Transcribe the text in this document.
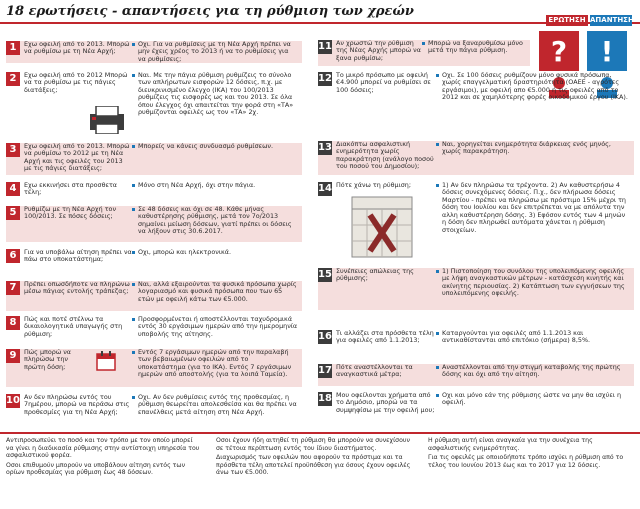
18 ερωτήσεις - απαντήσεις για τη ρύθμιση των χρεών
ΕΡΩΤΗΣΗ ΑΠΑΝΤΗΣΗ
? !
1	Εχω οφειλή από το 2013. Μπορώ να ρυθμίσω με τη Νέα Αρχή;
Οχι. Για να ρυθμίσεις με τη Νέα Αρχή πρέπει να μην έχεις χρέος το 2013 ή να το ρυθμίσεις για να ρυθμίσεις;
2	Εχω οφειλή από το 2012 Μπορώ να τα ρυθμίσω με τις πάγιες διατάξεις;
Ναι. Με την πάγια ρύθμιση ρυθμίζεις το σύνολο των απλήρωτων εισφορών 12 δόσεις, π.χ. με διευκρινισμένο έλεγχο (ΙΚΑ) του 100/2013 ρυθμίζεις τις εισφορές ως και του 2013. Σε όλα όπου έλεγχος όχι απαιτείται την φορά στη «ΤΑ» ρυθμίζονται οφειλές ως τον «ΤΑ» 2χ.
3	Εχω οφειλή από το 2013. Μπορώ να ρυθμίσω το 2012 με τη Νέα Αρχή και τις οφειλές του 2013 με τις πάγιες διατάξεις;
Μπορείς να κάνεις συνδυασμό ρυθμίσεων.
4	Εχω εκκινήσει στα προσθετα τέλη;
Μόνο στη Νέα Αρχή, όχι στην πάγια.
5	Ρυθμίζω με τη Νέα Αρχή τον 100/2013. Σε πόσες δόσεις;
Σε 48 δόσεις και όχι σε 48. Κάθε μήνας καθυστέρησης ρύθμισης, μετά τον 7ο/2013 σημαίνει μείωση δόσεων, γιατί πρέπει οι δόσεις να λήξουν στις 30.6.2017.
6	Για να υποβάλω αίτηση πρέπει να πάω στο υποκατάστημα;
Οχι, μπορώ και ηλεκτρονικά.
7	Πρέπει οπωσδήποτε να πληρώνω μέσω πάγιας εντολής τράπεζας;
Ναι, αλλά εξαιρούνται τα φυσικά πρόσωπα χωρίς λογαριασμό και φυσικά πρόσωπα που των 65 ετών με οφειλή κάτω των €5.000.
8	Πώς και ποτέ στέλνω τα δικαιολογητικά υπαγωγής στη ρύθμιση;
Προσφορμένεται ή αποστέλλονται ταχυδρομικά εντός 30 εργάσιμων ημερών από την ημερομηνία υποβολής της αίτησης.
9	Πώς μπορώ να πληρώσω την πρώτη δόση;
Εντός 7 εργάσιμων ημερών από την παραλαβή των βεβαιωμένων οφειλών από το υποκατάστημα (για το ΙΚΑ). Εντός 7 εργάσιμων ημερών από αποστολής (για τα λοιπά Ταμεία).
10 Αν δεν πληρώσω εντός του 7ημέρου, μπορώ να περάσω στις προθεσμίες για τη Νέα Αρχή;
Οχι. Αν δεν ρυθμίσεις εντός της προθεσμίας, η ρύθμιση θεωρείται απολεσθείσα και θα πρέπει να επανέλθεις μετά αίτηση στη Νέα Αρχή.
11 Αν χρωστώ την ρύθμιση της Νέας Αρχής μπορώ να ξανα ρυθμίσω;
Μπορώ να ξαναρυθμίσω μόνο μετά την πάγια ρύθμιση.
12 Το μικρό πρόσωπο με οφειλή €4.900 μπορεί να ρυθμίσει σε 100 δόσεις;
Οχι. Σε 100 δόσεις ρυθμίζουν μόνο φυσικά πρόσωπα, χωρίς επαγγελματική δραστηριότητα (ΟΑΕΕ - αγρότες εργάσιμοι), με οφειλή απο €5.000 ή τις οφειλές από το 2012 και σε χαμηλότερης φορές οικοδομικού έργου (ΙΚΑ).
13 Διακόπτω ασφαλιστική ενημερότητα χωρίς παρακράτηση (ανάλογο ποσού του ποσού του Δημοσίου);
Ναι, χορηγείται ενημερότητα διάρκειας ενός μηνός, χωρίς παρακράτηση.
14 Πότε χάνω τη ρύθμιση;	1) Αν δεν πληρώσω τα τρέχοντα. 2) Αν καθυστερήσω 4 δόσεις συνεχόμενες δόσεις. Π.χ., δεν πλήρωσα δόσεις Μαρτίου - πρέπει να πληρώσω με πρόστιμο 15% μέχρι τη δόση του Ιουλίου και δεν επιτρέπεται να με απόλυτα την αλλη καθυστέρηση δόσης. 3) Εφόσον εντός των 4 μηνών η δόση δεν πληρωθεί αυτόματα χάνεται η ρύθμιση στοιχείων.
15 Συνέπειες απώλειας της ρύθμισης;
1) Πιστοποίηση του συνόλου της υπολειπόμενης οφειλής με λήψη αναγκαστικών μέτρων - κατάσχεση κινητής και ακίνητης περιουσίας. 2) Κατάπτωση των εγγυήσεων της υπολειπόμενης οφειλής.
16 Τι αλλάζει στα πρόσθετα τέλη για οφειλές από 1.1.2013;
Καταργούνται για οφειλές από 1.1.2013 και αντικαθίστανται από επιτόκιο (σήμερα) 8,5%.
17 Πότε αναστέλλονται τα αναγκαστικά μέτρα;
Αναστέλλονται από την στιγμή καταβολής της πρώτης δόσης και όχι από την αίτηση.
18 Μου οφείλονται χρήματα από το Δημόσιο, μπορώ να τα συμψηφίσω με την οφειλή μου;
Οχι και μόνο εάν της ρύθμισης ώστε να μην θα ισχύει η οφειλή.

Αντιπροσωπεύει το ποσό και τον τρόπο με τον οποίο μπορεί να γίνει η διαδικασία ρύθμισης στην αντίστοιχη υπηρεσία του ασφαλιστικού φορέα.

Οσοι επιθυμούν μπορούν να υποβάλουν αίτηση εντός των ορίων προθεσμίας για ρύθμιση έως 48 δόσεων.

Οσοι έχουν ήδη αιτηθεί τη ρύθμιση θα μπορούν να συνεχίσουν σε τέτοια περίπτωση εντός του ίδιου διαστήματος.

Διαχωρισμός των οφειλών που αφορούν τα πρόστιμα και τα πρόσθετα τέλη αποτελεί προϋπόθεση για όσους έχουν οφειλές άνω των €5.000.

Η ρύθμιση αυτή είναι αναγκαία για την συνέχεια της ασφαλιστικής ενημερότητας.

Για τις οφειλές με οποιοδήποτε τρόπο ισχύει η ρύθμιση από το τέλος του Ιουνίου 2013 έως και το 2017 για 12 δόσεις.
